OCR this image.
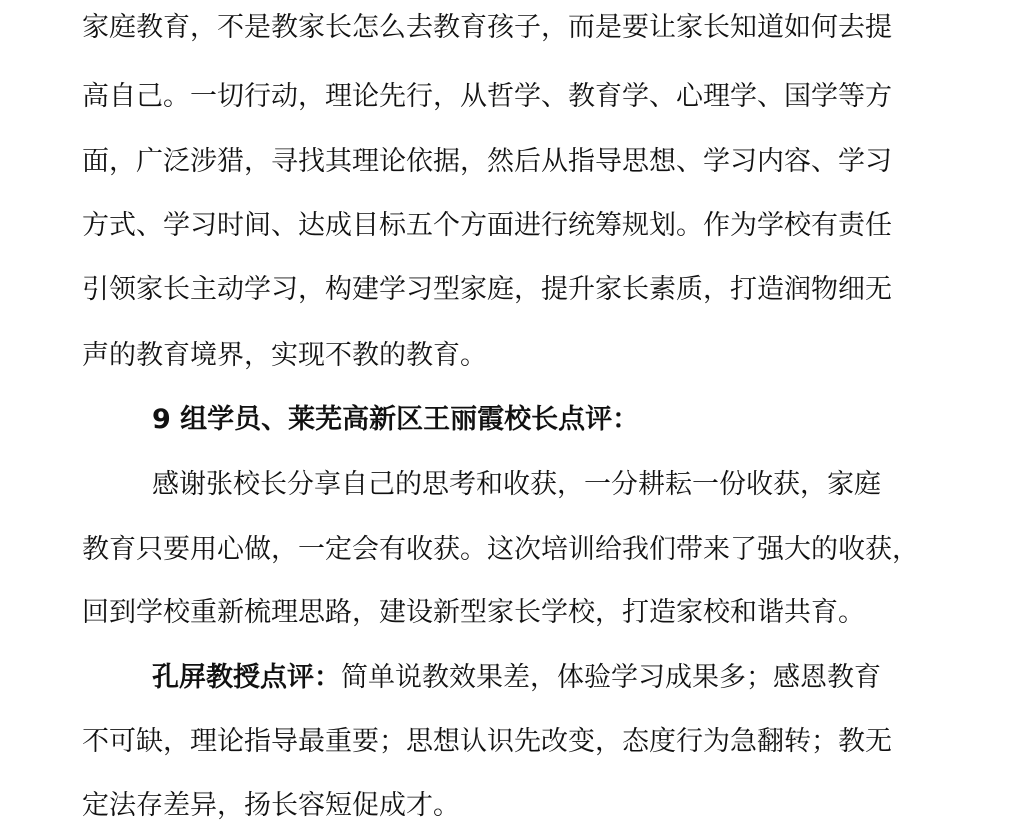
家庭教育，不是教家长怎么去教育孩子，而是要让家长知道如何去提
高自己。一切行动，理论先行，从哲学、教育学、心理学、国学等方
面，广泛涉猎，寻找其理论依据，然后从指导思想、学习内容、学习
方式、学习时间、达成目标五个方面进行统筹规划。作为学校有责任
引领家长主动学习，构建学习型家庭，提升家长素质，打造润物细无
声的教育境界，实现不教的教育。
9 组学员、莱芜高新区王丽霞校长点评：
感谢张校长分享自己的思考和收获，一分耕耘一份收获，家庭
教育只要用心做，一定会有收获。这次培训给我们带来了强大的收获，
回到学校重新梳理思路，建设新型家长学校，打造家校和谐共育。
孔屏教授点评：简单说教效果差，体验学习成果多；感恩教育
不可缺，理论指导最重要；思想认识先改变，态度行为急翻转；教无
定法存差异，扬长容短促成才。
